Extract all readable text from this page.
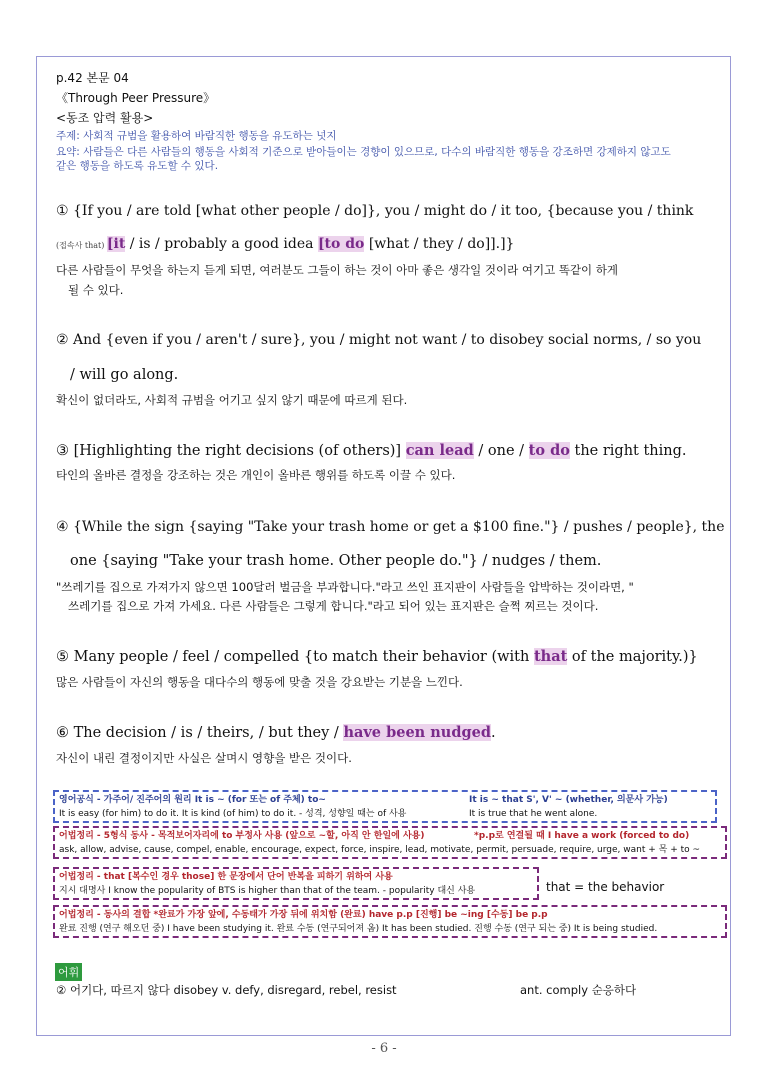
p.42 본문 04
《Through Peer Pressure》
<동조 압력 활용>
주제: 사회적 규범을 활용하여 바람직한 행동을 유도하는 넛지
요약: 사람들은 다른 사람들의 행동을 사회적 기준으로 받아들이는 경향이 있으므로, 다수의 바람직한 행동을 강조하면 강제하지 않고도
같은 행동을 하도록 유도할 수 있다.
① {If you / are told [what other people / do]}, you / might do / it too, {because you / think
(접속사 that) [it / is / probably a good idea [to do [what / they / do]].]}
다른 사람들이 무엇을 하는지 듣게 되면, 여러분도 그들이 하는 것이 아마 좋은 생각일 것이라 여기고 똑같이 하게
될 수 있다.
② And {even if you / aren't / sure}, you / might not want / to disobey social norms, / so you
/ will go along.
확신이 없더라도, 사회적 규범을 어기고 싶지 않기 때문에 따르게 된다.
③ [Highlighting the right decisions (of others)] can lead / one / to do the right thing.
타인의 올바른 결정을 강조하는 것은 개인이 올바른 행위를 하도록 이끌 수 있다.
④ {While the sign {saying "Take your trash home or get a $100 fine."} / pushes / people}, the
one {saying "Take your trash home. Other people do."} / nudges / them.
"쓰레기를 집으로 가져가지 않으면 100달러 벌금을 부과합니다."라고 쓰인 표지판이 사람들을 압박하는 것이라면, "
쓰레기를 집으로 가져 가세요. 다른 사람들은 그렇게 합니다."라고 되어 있는 표지판은 슬쩍 찌르는 것이다.
⑤ Many people / feel / compelled {to match their behavior (with that of the majority.)}
많은 사람들이 자신의 행동을 대다수의 행동에 맞출 것을 강요받는 기분을 느낀다.
⑥ The decision / is / theirs, / but they / have been nudged.
자신이 내린 결정이지만 사실은 살며시 영향을 받은 것이다.
영어공식 - 가주어/ 진주어의 원리 It is ~ (for 또는 of 주체) to~	It is ~ that S', V' ~ (whether, 의문사 가능)
It is easy (for him) to do it. It is kind (of him) to do it. - 성격, 성향일 때는 of 사용	It is true that he went alone.
어법정리 - 5형식 동사 - 목적보어자리에 to 부정사 사용 (앞으로 ~할, 아직 안 한일에 사용)	*p.p로 연결될 때 I have a work (forced to do)
ask, allow, advise, cause, compel, enable, encourage, expect, force, inspire, lead, motivate, permit, persuade, require, urge, want + 목 + to ~
어법정리 - that [복수인 경우 those] 한 문장에서 단어 반복을 피하기 위하여 사용
지시 대명사 I know the popularity of BTS is higher than that of the team. - popularity 대신 사용	that = the behavior
어법정리 - 동사의 결합 *완료가 가장 앞에, 수동태가 가장 뒤에 위치함 (완료) have p.p [진행] be ~ing [수동] be p.p
완료 진행 (연구 해오던 중) I have been studying it. 완료 수동 (연구되어져 옴) It has been studied. 진행 수동 (연구 되는 중) It is being studied.
어휘
② 어기다, 따르지 않다 disobey v. defy, disregard, rebel, resist	ant. comply 순응하다
- 6 -
